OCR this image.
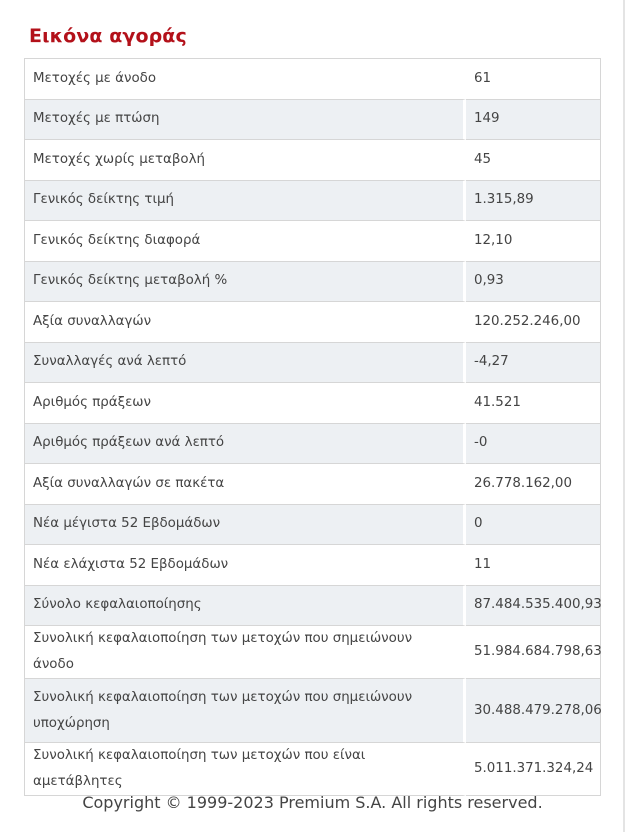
Εικόνα αγοράς
Μετοχές με άνοδο	61
Μετοχές με πτώση	149
Μετοχές χωρίς μεταβολή	45
Γενικός δείκτης τιμή	1.315,89
Γενικός δείκτης διαφορά	12,10
Γενικός δείκτης μεταβολή %	0,93
Αξία συναλλαγών	120.252.246,00
Συναλλαγές ανά λεπτό	-4,27
Αριθμός πράξεων	41.521
Αριθμός πράξεων ανά λεπτό	-0
Αξία συναλλαγών σε πακέτα	26.778.162,00
Νέα μέγιστα 52 Εβδομάδων	0
Νέα ελάχιστα 52 Εβδομάδων	11
Σύνολο κεφαλαιοποίησης	87.484.535.400,93
Συνολική κεφαλαιοποίηση των μετοχών που σημειώνουν άνοδο	51.984.684.798,63
Συνολική κεφαλαιοποίηση των μετοχών που σημειώνουν υποχώρηση	30.488.479.278,06
Συνολική κεφαλαιοποίηση των μετοχών που είναι αμετάβλητες	5.011.371.324,24
Copyright © 1999-2023 Premium S.A. All rights reserved.
